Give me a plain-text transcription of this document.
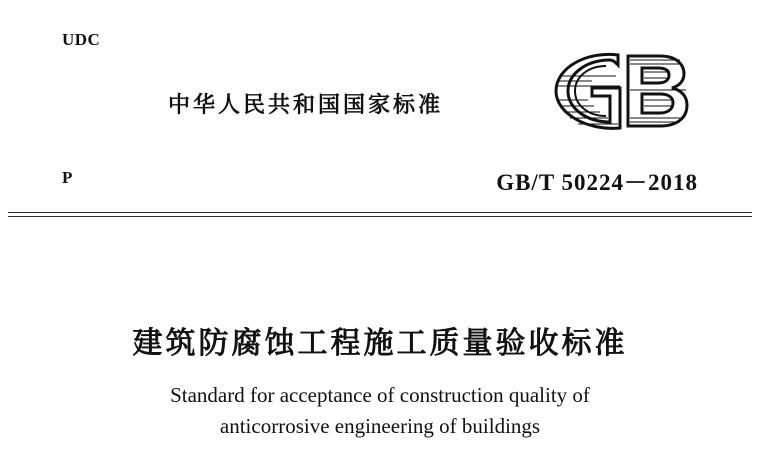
UDC
中华人民共和国国家标准
P	GB/T 50224－2018
建筑防腐蚀工程施工质量验收标准
Standard for acceptance of construction quality of
anticorrosive engineering of buildings
